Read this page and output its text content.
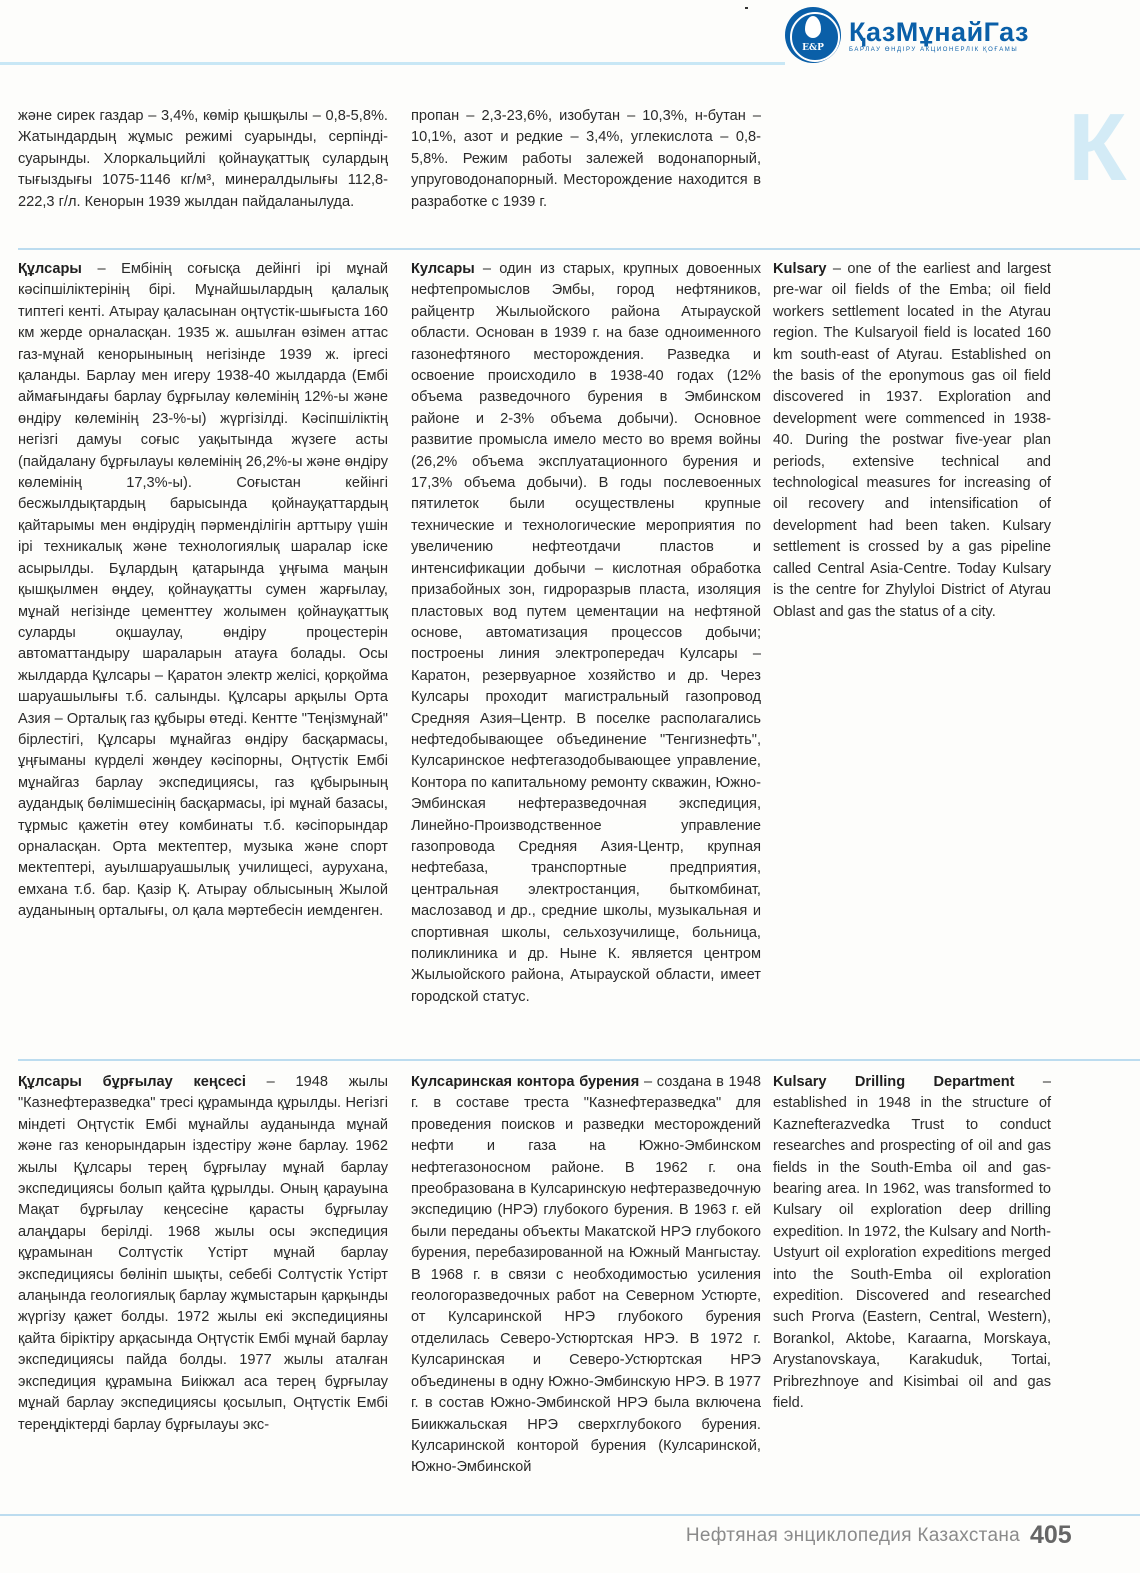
E&P
ҚазМұнайГаз
БАРЛАУ ӨНДІРУ АКЦИОНЕРЛІК ҚОҒАМЫ
К
және сирек газдар – 3,4%, көмір қышқылы – 0,8-5,8%. Жатындардың жұмыс режимі суарынды, серпінді-суарынды. Хлоркальцийлі қойнауқаттық сулардың тығыздығы 1075-1146 кг/м³, минералдылығы 112,8-222,3 г/л. Кенорын 1939 жылдан пайдаланылуда.
пропан – 2,3-23,6%, изобутан – 10,3%, н-бутан – 10,1%, азот и редкие – 3,4%, углекислота – 0,8-5,8%. Режим работы залежей водонапорный, упруговодонапорный. Месторождение находится в разработке с 1939 г.
Құлсары – Ембінің соғысқа дейінгі ірі мұнай кәсіпшіліктерінің бірі. Мұнайшылардың қалалық типтегі кенті. Атырау қаласынан оңтүстік-шығыста 160 км жерде орналасқан. 1935 ж. ашылған өзімен аттас газ-мұнай кенорынының негізінде 1939 ж. іргесі қаланды. Барлау мен игеру 1938-40 жылдарда (Ембі аймағындағы барлау бұрғылау көлемінің 12%-ы және өндіру көлемінің 23-%-ы) жүргізілді. Кәсіпшіліктің негізгі дамуы соғыс уақытында жүзеге асты (пайдалану бұрғылауы көлемінің 26,2%-ы және өндіру көлемінің 17,3%-ы). Соғыстан кейінгі бесжылдықтардың барысында қойнауқаттардың қайтарымы мен өндірудің пәрменділігін арттыру үшін ірі техникалық және технологиялық шаралар іске асырылды. Бұлардың қатарында ұңғыма маңын қышқылмен өңдеу, қойнауқатты сумен жарғылау, мұнай негізінде цементтеу жолымен қойнауқаттық суларды оқшаулау, өндіру процестерін автоматтандыру шараларын атауға болады. Осы жылдарда Құлсары – Қаратон электр желісі, қорқойма шаруашылығы т.б. салынды. Құлсары арқылы Орта Азия – Орталық газ құбыры өтеді. Кентте "Теңізмұнай" бірлестігі, Құлсары мұнайгаз өндіру басқармасы, ұңғыманы күрделі жөндеу кәсіпорны, Оңтүстік Ембі мұнайгаз барлау экспедициясы, газ құбырының аудандық бөлімшесінің басқармасы, ірі мұнай базасы, тұрмыс қажетін өтеу комбинаты т.б. кәсіпорындар орналасқан. Орта мектептер, музыка және спорт мектептері, ауылшаруашылық училищесі, аурухана, емхана т.б. бар. Қазір Қ. Атырау облысының Жылой ауданының орталығы, ол қала мәртебесін иемденген.
Кулсары – один из старых, крупных довоенных нефтепромыслов Эмбы, город нефтяников, райцентр Жылыойского района Атырауской области. Основан в 1939 г. на базе одноименного газонефтяного месторождения. Разведка и освоение происходило в 1938-40 годах (12% объема разведочного бурения в Эмбинском районе и 2-3% объема добычи). Основное развитие промысла имело место во время войны (26,2% объема эксплуатационного бурения и 17,3% объема добычи). В годы послевоенных пятилеток были осуществлены крупные технические и технологические мероприятия по увеличению нефтеотдачи пластов и интенсификации добычи – кислотная обработка призабойных зон, гидроразрыв пласта, изоляция пластовых вод путем цементации на нефтяной основе, автоматизация процессов добычи; построены линия электропередач Кулсары – Каратон, резервуарное хозяйство и др. Через Кулсары проходит магистральный газопровод Средняя Азия–Центр. В поселке располагались нефтедобывающее объединение "Тенгизнефть", Кулсаринское нефтегазодобывающее управление, Контора по капитальному ремонту скважин, Южно-Эмбинская нефтеразведочная экспедиция, Линейно-Производственное управление газопровода Средняя Азия-Центр, крупная нефтебаза, транспортные предприятия, центральная электростанция, быткомбинат, маслозавод и др., средние школы, музыкальная и спортивная школы, сельхозучилище, больница, поликлиника и др. Ныне К. является центром Жылыойского района, Атырауской области, имеет городской статус.
Kulsary – one of the earliest and largest pre-war oil fields of the Emba; oil field workers settlement located in the Atyrau region. The Kulsaryoil field is located 160 km south-east of Atyrau. Established on the basis of the eponymous gas oil field discovered in 1937. Exploration and development were commenced in 1938-40. During the postwar five-year plan periods, extensive technical and technological measures for increasing of oil recovery and intensification of development had been taken. Kulsary settlement is crossed by a gas pipeline called Central Asia-Centre. Today Kulsary is the centre for Zhylyloi District of Atyrau Oblast and gas the status of a city.
Құлсары бұрғылау кеңсесі – 1948 жылы "Казнефтеразведка" тресі құрамында құрылды. Негізгі міндеті Оңтүстік Ембі мұнайлы ауданында мұнай және газ кенорындарын іздестіру және барлау. 1962 жылы Құлсары терең бұрғылау мұнай барлау экспедициясы болып қайта құрылды. Оның қарауына Мақат бұрғылау кеңсесіне қарасты бұрғылау алаңдары берілді. 1968 жылы осы экспедиция құрамынан Солтүстік Үстірт мұнай барлау экспедициясы бөлініп шықты, себебі Солтүстік Үстірт алаңында геологиялық барлау жұмыстарын қарқынды жүргізу қажет болды. 1972 жылы екі экспедицияны қайта біріктіру арқасында Оңтүстік Ембі мұнай барлау экспедициясы пайда болды. 1977 жылы аталған экспедиция құрамына Биікжал аса терең бұрғылау мұнай барлау экспедициясы қосылып, Оңтүстік Ембі тереңдіктерді барлау бұрғылауы экс-
Кулсаринская контора бурения – создана в 1948 г. в составе треста "Казнефтеразведка" для проведения поисков и разведки месторождений нефти и газа на Южно-Эмбинском нефтегазоносном районе. В 1962 г. она преобразована в Кулсаринскую нефтеразведочную экспедицию (НРЭ) глубокого бурения. В 1963 г. ей были переданы объекты Макатской НРЭ глубокого бурения, перебазированной на Южный Мангыстау. В 1968 г. в связи с необходимостью усиления геологоразведочных работ на Северном Устюрте, от Кулсаринской НРЭ глубокого бурения отделилась Северо-Устюртская НРЭ. В 1972 г. Кулсаринская и Северо-Устюртская НРЭ объединены в одну Южно-Эмбинскую НРЭ. В 1977 г. в состав Южно-Эмбинской НРЭ была включена Биикжальская НРЭ сверхглубокого бурения. Кулсаринской конторой бурения (Кулсаринской, Южно-Эмбинской
Kulsary Drilling Department – established in 1948 in the structure of Kaznefterazvedka Trust to conduct researches and prospecting of oil and gas fields in the South-Emba oil and gas-bearing area. In 1962, was transformed to Kulsary oil exploration deep drilling expedition. In 1972, the Kulsary and North-Ustyurt oil exploration expeditions merged into the South-Emba oil exploration expedition. Discovered and researched such Prorva (Eastern, Central, Western), Borankol, Aktobe, Karaarna, Morskaya, Arystanovskaya, Karakuduk, Tortai, Pribrezhnoye and Kisimbai oil and gas field.
Нефтяная энциклопедия Казахстана 405
